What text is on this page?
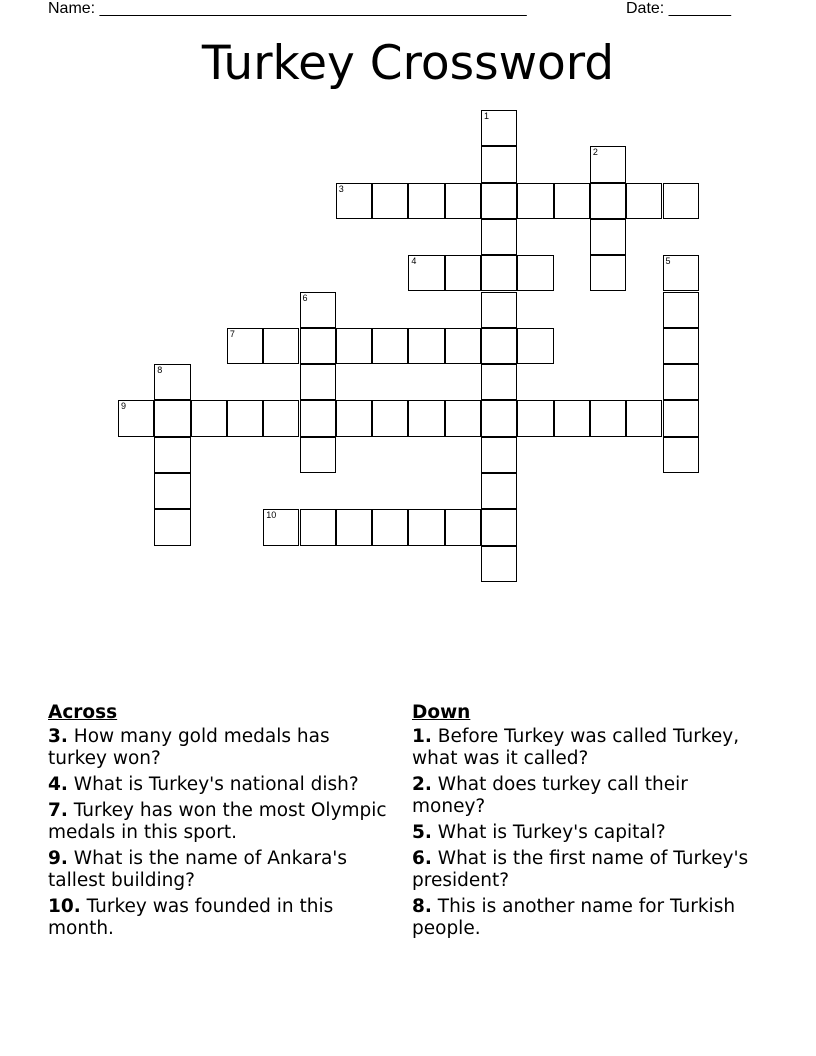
Name: ________________________________________________	Date: _______
Turkey Crossword
1
2
3
4	5
6
7
8
9
10
Across
3. How many gold medals has turkey won?
4. What is Turkey's national dish?
7. Turkey has won the most Olympic medals in this sport.
9. What is the name of Ankara's tallest building?
10. Turkey was founded in this month.
Down
1. Before Turkey was called Turkey, what was it called?
2. What does turkey call their money?
5. What is Turkey's capital?
6. What is the first name of Turkey's president?
8. This is another name for Turkish people.
